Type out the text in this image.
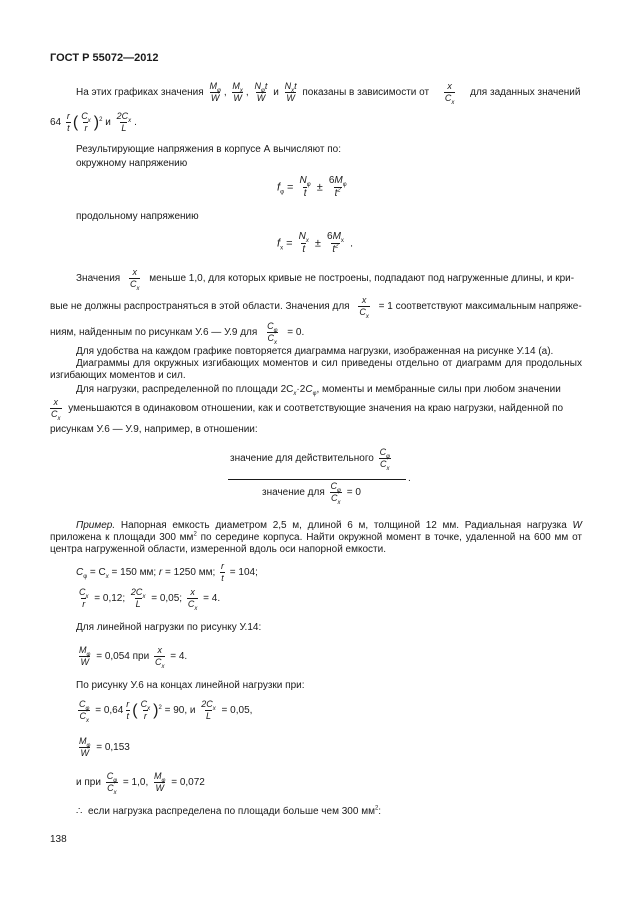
ГОСТ Р 55072—2012
На этих графиках значения $\frac{M_\varphi}{W}$ , $\frac{M_x}{W}$ , $\frac{N_\varphi t}{W}$ и $\frac{N_xt}{W}$ показаны в зависимости от $\frac{x}{C_x}$ для заданных значений
$64 \frac{r}{t}$ ( $\frac{C_x}{r} )^2$ и $\frac{2C_x}{L}$ .
Результирующие напряжения в корпусе А вычисляют по:
окружному напряжению
$f_\varphi = \frac{N_\varphi}{t} \pm \frac{6M_\varphi}{t^2}$
продольному напряжению
$f_x = \frac{N_x}{t} \pm \frac{6M_x}{t^2}$ .
Значения $\frac{x}{C_x}$ меньше 1,0, для которых кривые не построены, подпадают под нагруженные длины, и кри-
вые не должны распространяться в этой области. Значения для $\frac{x}{C_x} = 1$ соответствуют максимальным напряже-
ниям, найденным по рисункам У.6 — У.9 для $\frac{C_\varphi}{C_x} = 0$.
Для удобства на каждом графике повторяется диаграмма нагрузки, изображенная на рисунке У.14 (а).
Диаграммы для окружных изгибающих моментов и сил приведены отдельно от диаграмм для продольных изгибающих моментов и сил.
Для нагрузки, распределенной по площади $2C_x\cdot 2C_\varphi$, моменты и мембранные силы при любом значении
$\frac{x}{C_x}$ уменьшаются в одинаковом отношении, как и соответствующие значения на краю нагрузки, найденной по
рисункам У.6 — У.9, например, в отношении:
значение для действительного $\frac{C_\varphi}{C_x}$
.
значение для $\frac{C_\varphi}{C_x} = 0$
Пример. Напорная емкость диаметром 2,5 м, длиной 6 м, толщиной 12 мм. Радиальная нагрузка W приложена к площади 300 $мм^2$ по середине корпуса. Найти окружной момент в точке, удаленной на 600 мм от центра нагруженной области, измеренной вдоль оси напорной емкости.
$C_\varphi = C_x = 150$ мм; r = 1250 мм; $\frac{r}{t} = 104$;
$\frac{C_x}{r} = 0,12$; $\frac{2C_x}{L} = 0,05$; $\frac{x}{C_x} = 4$.
Для линейной нагрузки по рисунку У.14:
$\frac{M_\varphi}{W} = 0,054$ при $\frac{x}{C_x} = 4$.
По рисунку У.6 на концах линейной нагрузки при:
$\frac{C_\varphi}{C_x} = 0,64 \frac{r}{t}$ ( $\frac{C_x}{r} )^2 = 90$, и $\frac{2C_x}{L} = 0,05$,
$\frac{M_\varphi}{W} = 0,153$
и при $\frac{C_\varphi}{C_x} = 1,0$, $\frac{M_\varphi}{W} = 0,072$
∴ если нагрузка распределена по площади больше чем 300 $мм^2$:
138
